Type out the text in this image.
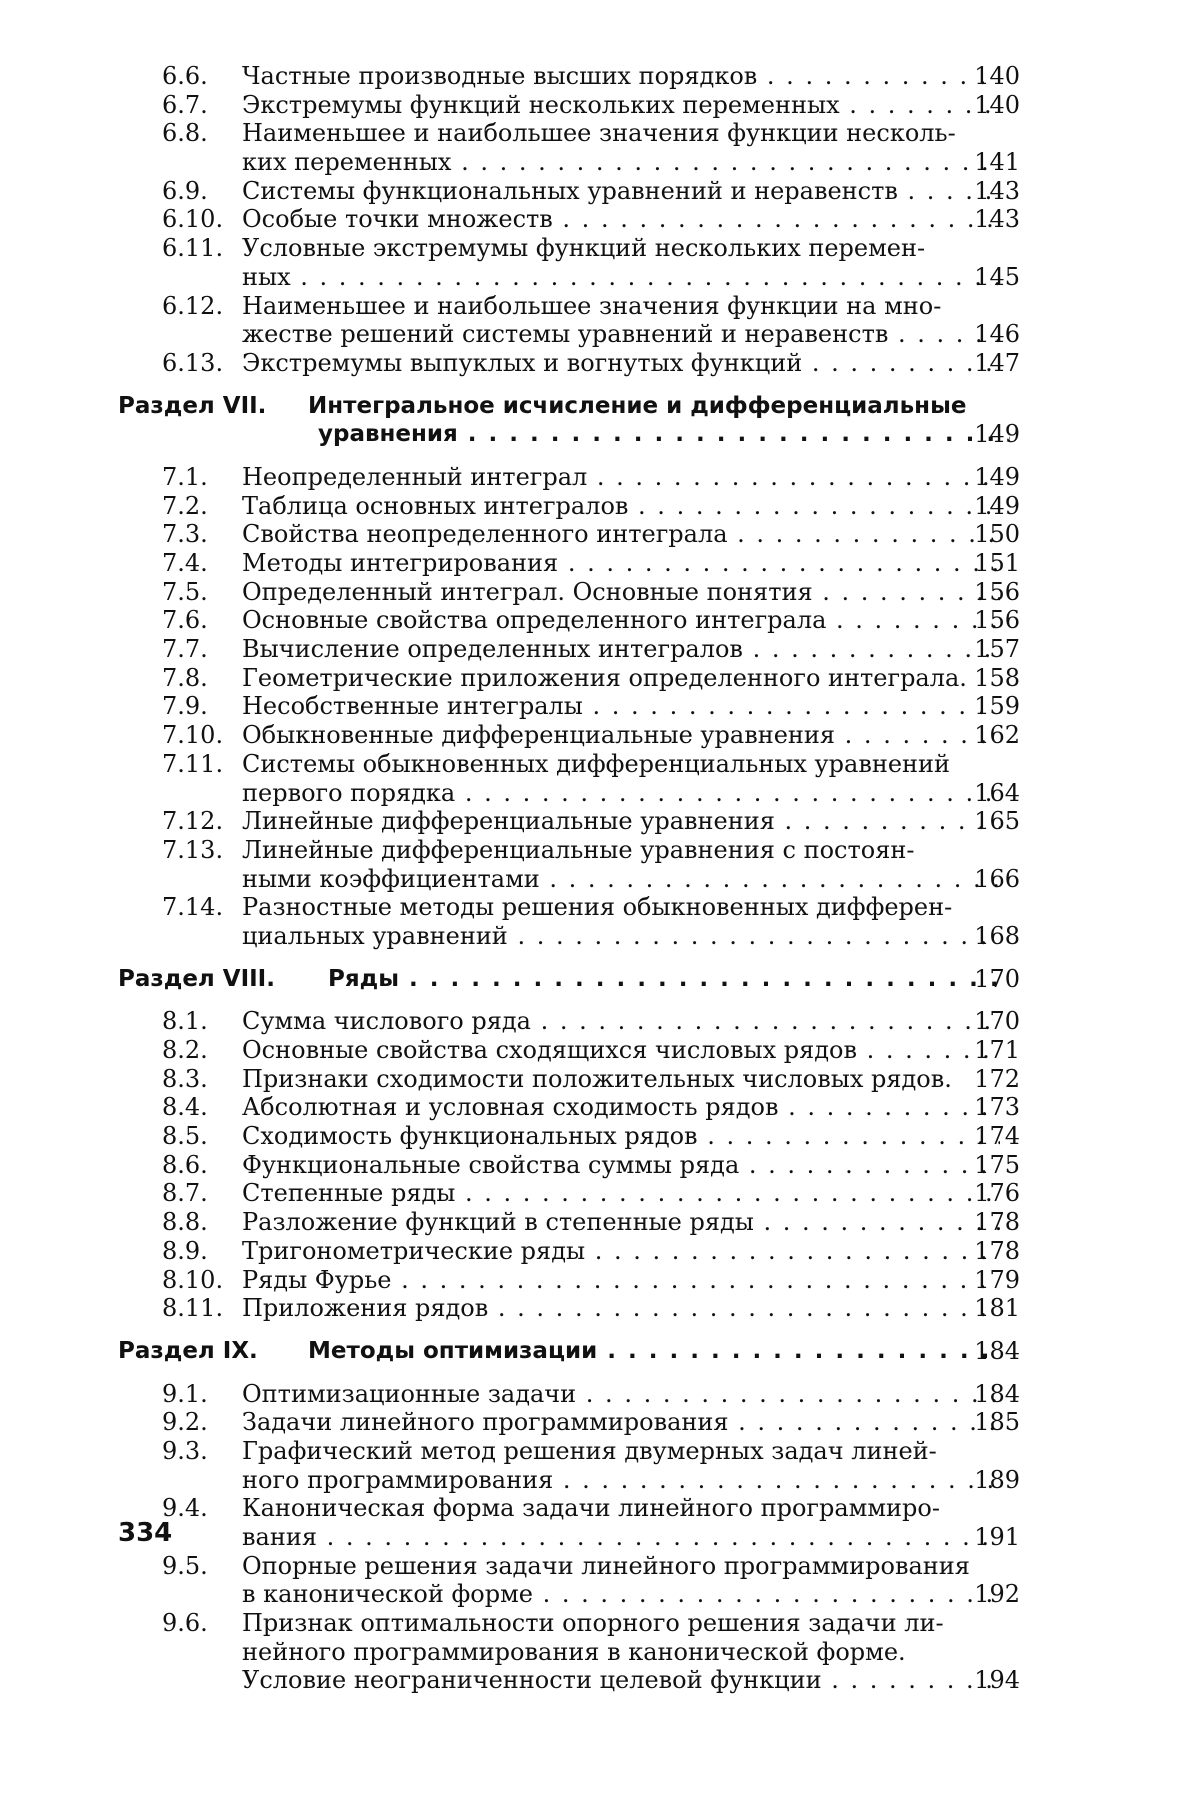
6.6. Частные производные высших порядков . . .	140
6.7. Экстремумы функций нескольких переменных . . .	140
6.8. Наименьшее и наибольшее значения функции несколь-
ких переменных . . .	141
6.9. Системы функциональных уравнений и неравенств . . .	143
6.10. Особые точки множеств . . .	143
6.11. Условные экстремумы функций нескольких перемен-
ных . . .	145
6.12. Наименьшее и наибольшее значения функции на мно-
жестве решений системы уравнений и неравенств . . .	146
6.13. Экстремумы выпуклых и вогнутых функций . . .	147
Раздел VII. Интегральное исчисление и дифференциальные
уравнения . . .	149
7.1. Неопределенный интеграл . . .	149
7.2. Таблица основных интегралов . . .	149
7.3. Свойства неопределенного интеграла . . .	150
7.4. Методы интегрирования . . .	151
7.5. Определенный интеграл. Основные понятия . . .	156
7.6. Основные свойства определенного интеграла . . .	156
7.7. Вычисление определенных интегралов . . .	157
7.8. Геометрические приложения определенного интеграла. 158
7.9. Несобственные интегралы . . .	159
7.10. Обыкновенные дифференциальные уравнения . . .	162
7.11. Системы обыкновенных дифференциальных уравнений
первого порядка . . .	164
7.12. Линейные дифференциальные уравнения . . .	165
7.13. Линейные дифференциальные уравнения с постоян-
ными коэффициентами . . .	166
7.14. Разностные методы решения обыкновенных дифферен-
циальных уравнений . . .	168
Раздел VIII. Ряды . . .	170
8.1. Сумма числового ряда . . .	170
8.2. Основные свойства сходящихся числовых рядов . . .	171
8.3. Признаки сходимости положительных числовых рядов. 172
8.4. Абсолютная и условная сходимость рядов . . .	173
8.5. Сходимость функциональных рядов . . .	174
8.6. Функциональные свойства суммы ряда . . .	175
8.7. Степенные ряды . . .	176
8.8. Разложение функций в степенные ряды . . .	178
8.9. Тригонометрические ряды . . .	178
8.10. Ряды Фурье . . .	179
8.11. Приложения рядов . . .	181
Раздел IX. Методы оптимизации . . .	184
9.1. Оптимизационные задачи . . .	184
9.2. Задачи линейного программирования . . .	185
9.3. Графический метод решения двумерных задач линей-
ного программирования . . .	189
9.4. Каноническая форма задачи линейного программиро-
вания . . .	191
9.5. Опорные решения задачи линейного программирования
в канонической форме . . .	192
9.6. Признак оптимальности опорного решения задачи ли-
нейного программирования в канонической форме.
Условие неограниченности целевой функции . . .	194
334
